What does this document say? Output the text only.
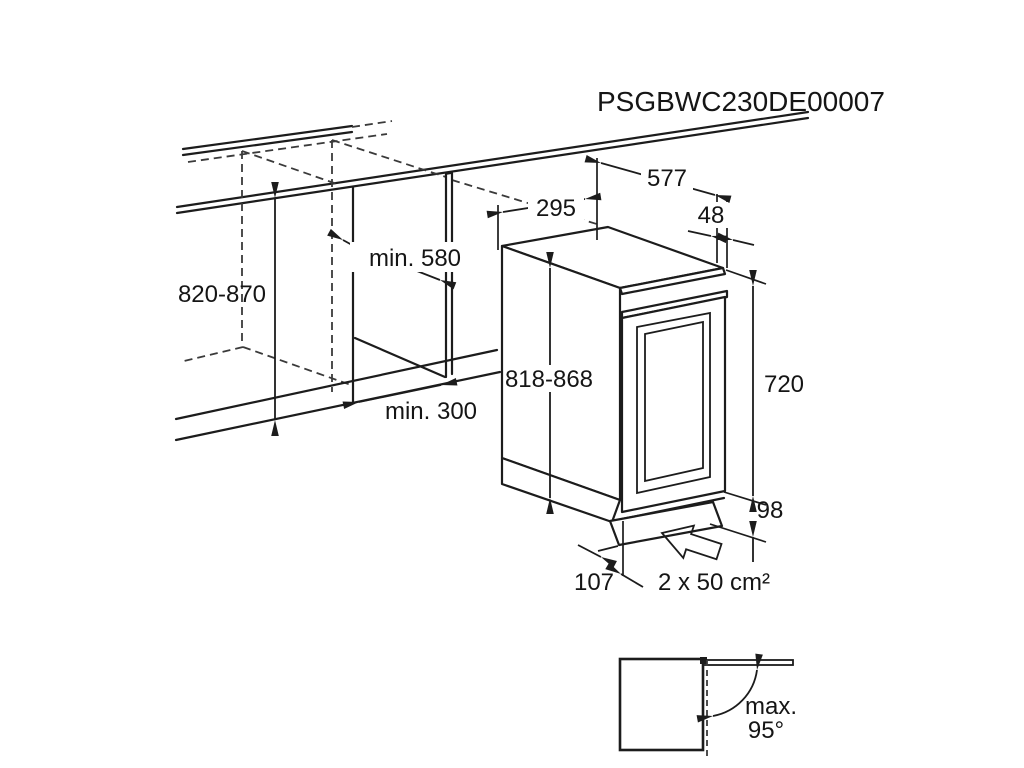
820-870
min. 580
295
577
48
818-868	720
min. 300
98
107 2 x 50 cm²
max.
95°
PSGBWC230DE00007
